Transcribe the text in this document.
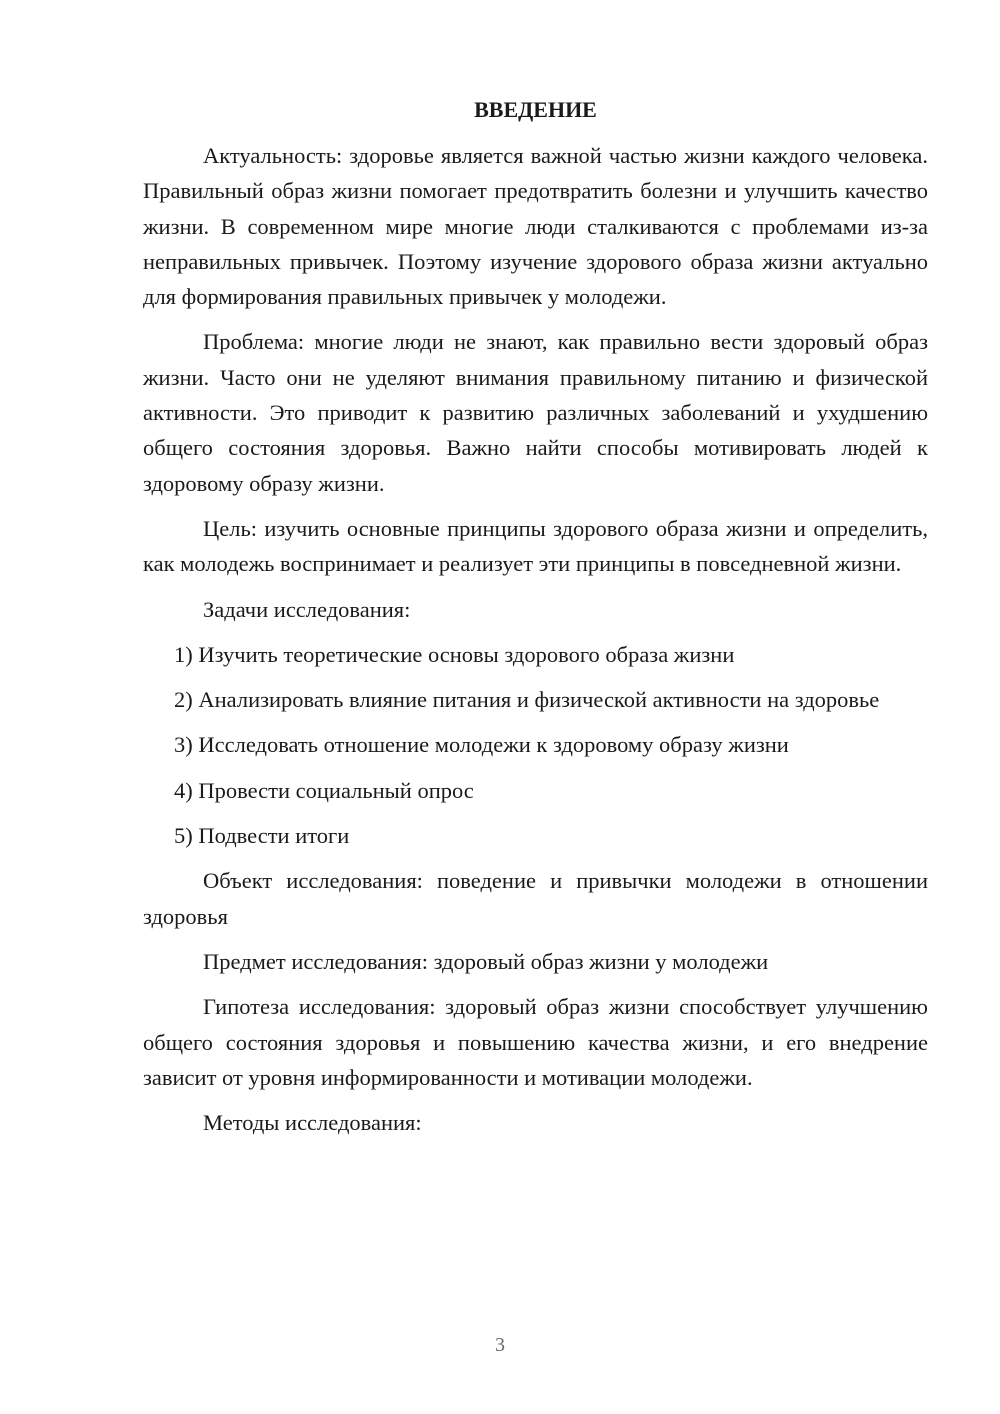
ВВЕДЕНИЕ

Актуальность: здоровье является важной частью жизни каждого человека. Правильный образ жизни помогает предотвратить болезни и улучшить качество жизни. В современном мире многие люди сталкиваются с проблемами из-за неправильных привычек. Поэтому изучение здорового образа жизни актуально для формирования правильных привычек у молодежи.

Проблема: многие люди не знают, как правильно вести здоровый образ жизни. Часто они не уделяют внимания правильному питанию и физической активности. Это приводит к развитию различных заболеваний и ухудшению общего состояния здоровья. Важно найти способы мотивировать людей к здоровому образу жизни.

Цель: изучить основные принципы здорового образа жизни и определить, как молодежь воспринимает и реализует эти принципы в повседневной жизни.

Задачи исследования:

1) Изучить теоретические основы здорового образа жизни

2) Анализировать влияние питания и физической активности на здоровье

3) Исследовать отношение молодежи к здоровому образу жизни

4) Провести социальный опрос

5) Подвести итоги

Объект исследования: поведение и привычки молодежи в отношении здоровья

Предмет исследования: здоровый образ жизни у молодежи

Гипотеза исследования: здоровый образ жизни способствует улучшению общего состояния здоровья и повышению качества жизни, и его внедрение зависит от уровня информированности и мотивации молодежи.

Методы исследования:

3
